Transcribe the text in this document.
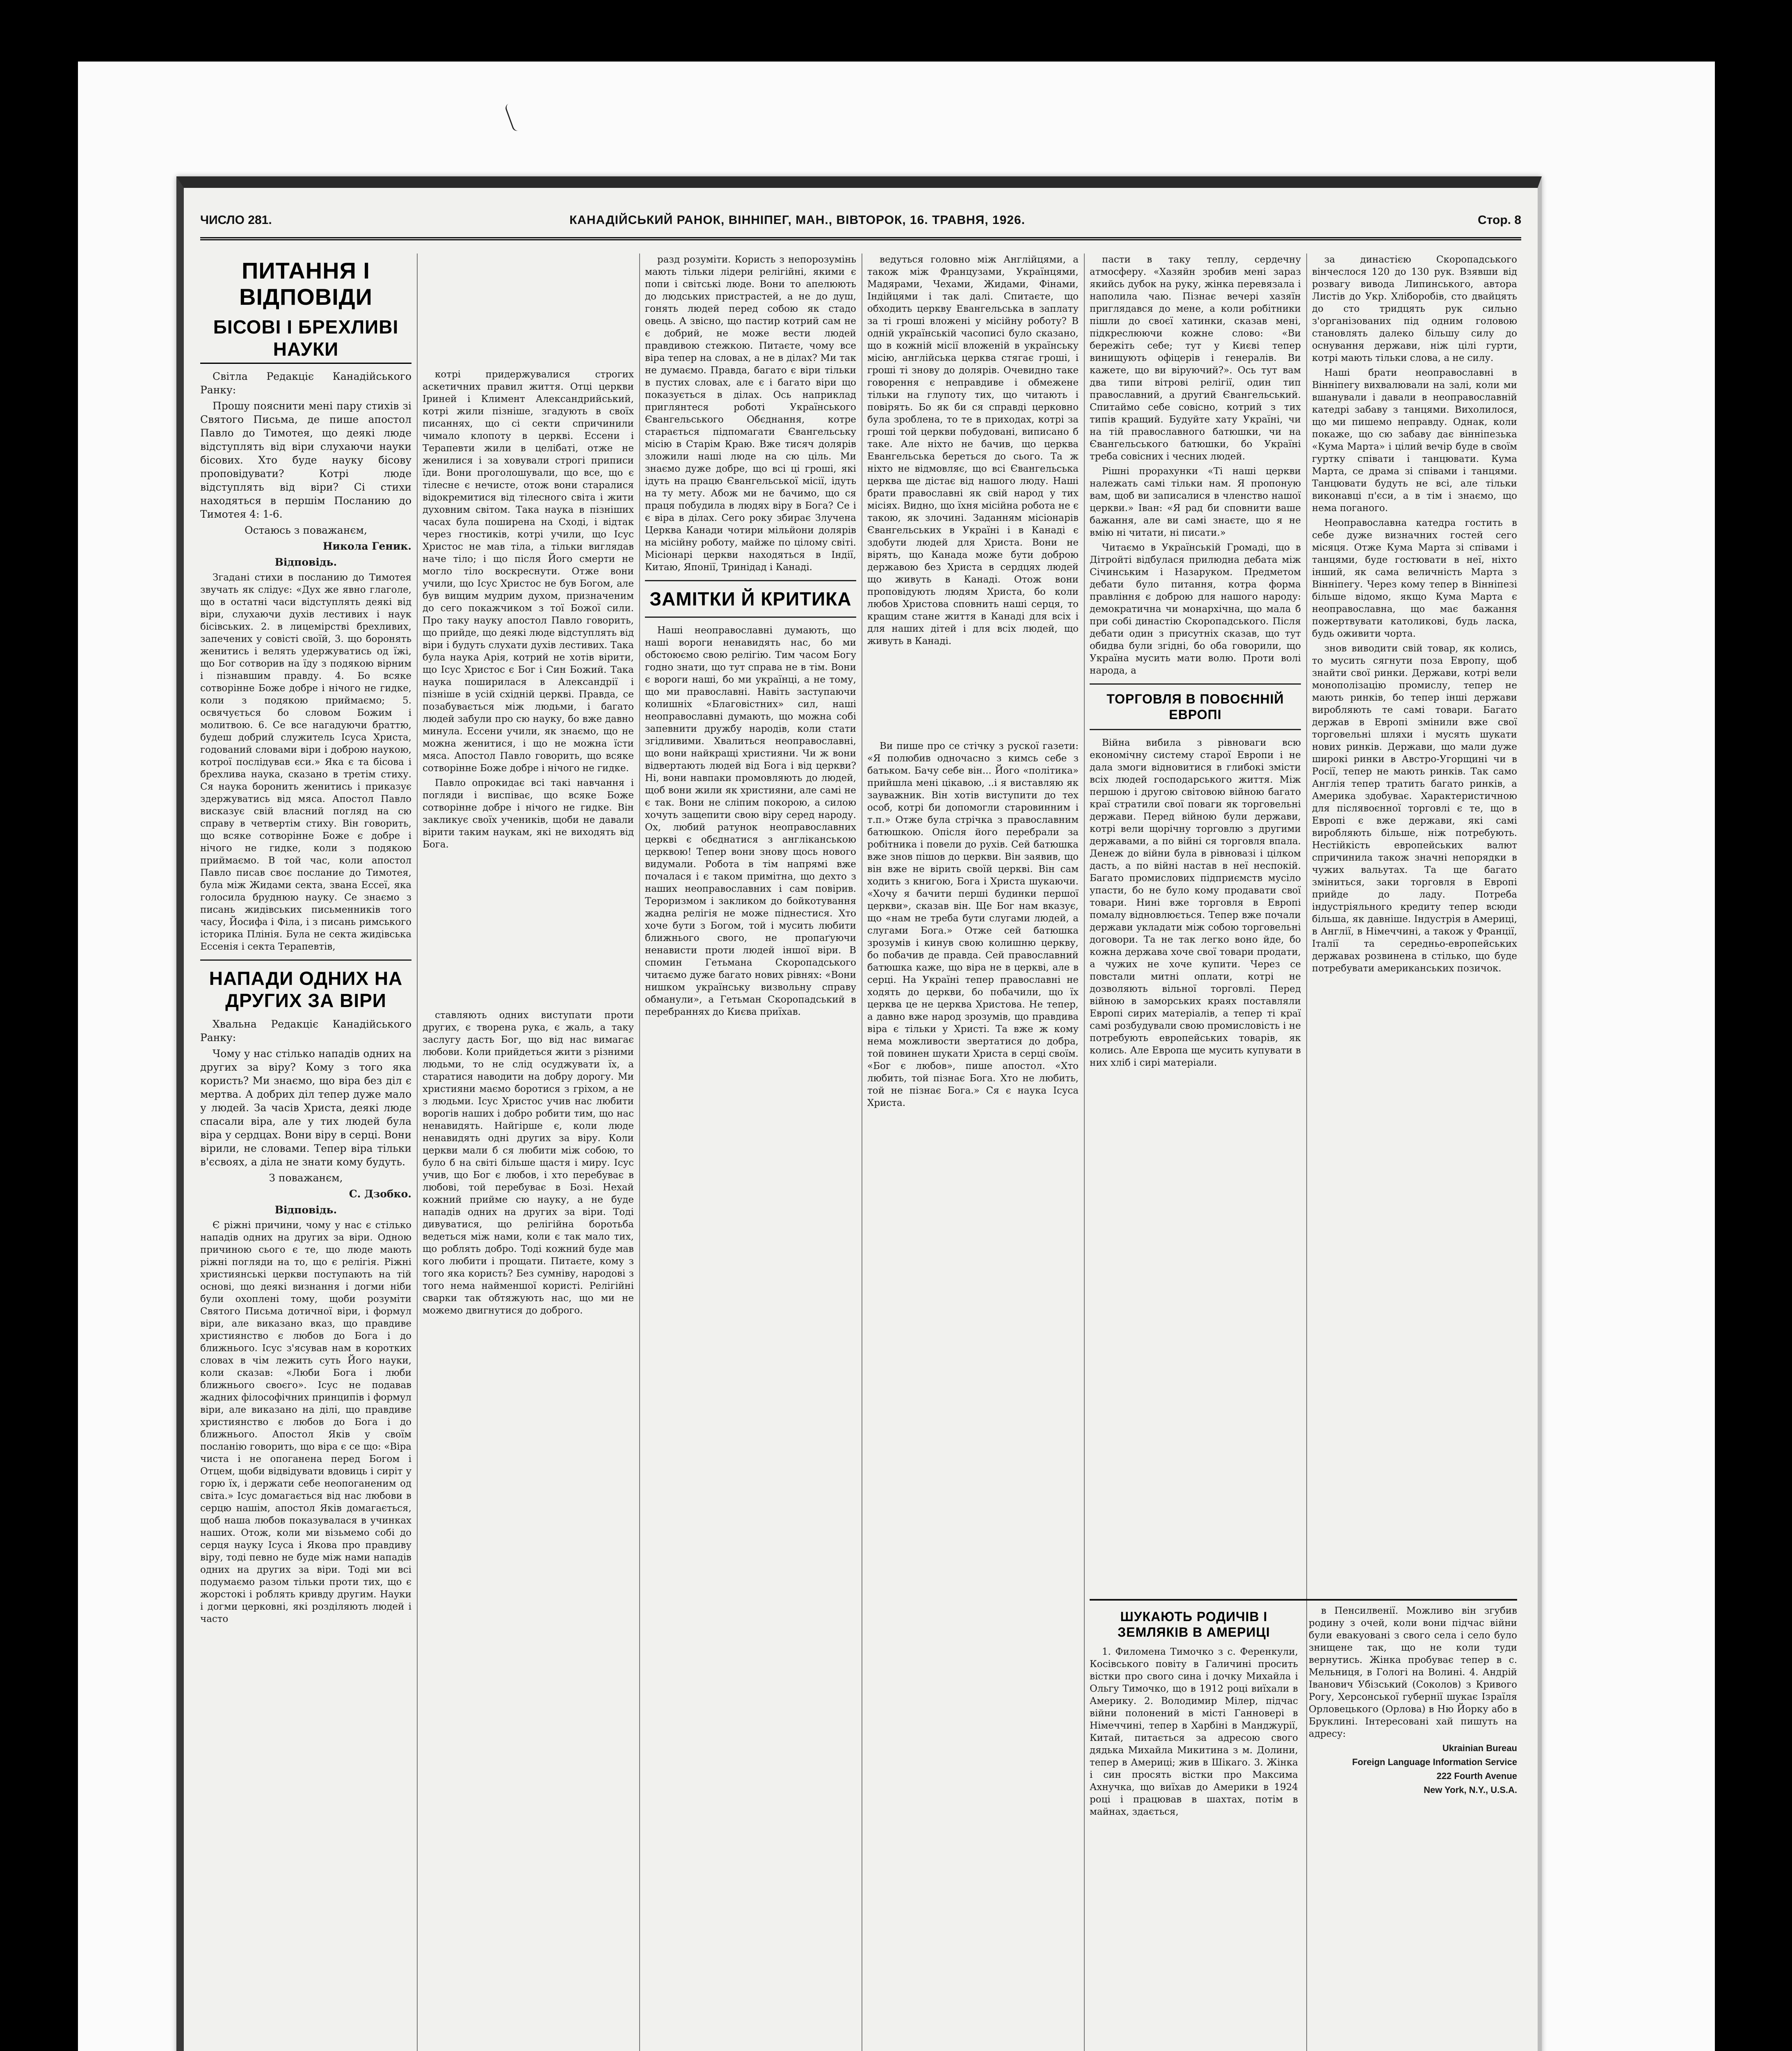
ЧИСЛО 281.	КАНАДІЙСЬКИЙ РАНОК, ВІННІПЕГ, МАН., ВІВТОРОК, 16. ТРАВНЯ, 1926.	Стор. 8
ПИТАННЯ І ВІДПОВІДИ
БІСОВІ І БРЕХЛИВІ НАУКИ

Світла Редакціє Канадійського Ранку:

Прошу пояснити мені пару стихів зі Святого Письма, де пише апостол Павло до Тимотея, що деякі люде відступлять від віри слухаючи науки бісових. Хто буде науку бісову проповідувати? Котрі люде відступлять від віри? Сі стихи находяться в першім Посланию до Тимотея 4: 1-6.

Остаюсь з поважанєм,

Никола Геник.

Відповідь.

Згадані стихи в посланию до Тимотея звучать як слідує: «Дух же явно глаголе, що в остатні часи відступлять деякі від віри, слухаючи духів лестивих і наук бісівських. 2. в лицемірстві брехливих, запечених у совісті своїй, 3. що боронять женитись і велять удержуватись од їжі, що Бог сотворив на їду з подякою вірним і пізнавшим правду. 4. Бо всяке сотворінне Боже добре і нічого не гидке, коли з подякою приймаємо; 5. освячується бо словом Божим і молитвою. 6. Се все нагадуючи браттю, будеш добрий служитель Ісуса Христа, годований словами віри і доброю наукою, котрої послідував єси.» Яка є та бісова і брехлива наука, сказано в третім стиху. Ся наука боронить женитись і приказує здержуватись від мяса. Апостол Павло висказує свій власний погляд на сю справу в четвертім стиху. Він говорить, що всяке сотворінне Боже є добре і нічого не гидке, коли з подякою приймаємо. В той час, коли апостол Павло писав своє послание до Тимотея, була між Жидами секта, звана Ессеї, яка голосила бруднюю науку. Се знаємо з писань жидівських письменників того часу, Йосифа і Філа, і з писань римського історика Плінія. Була не секта жидівська Ессенія і секта Терапевтів,

НАПАДИ ОДНИХ НА ДРУГИХ ЗА ВІРИ

Хвальна Редакціє Канадійського Ранку:

Чому у нас стілько нападів одних на других за віру? Кому з того яка користь? Ми знаємо, що віра без діл є мертва. А добрих діл тепер дуже мало у людей. За часів Христа, деякі люде спасали віра, але у тих людей була віра у сердцах. Вони віру в серці. Вони вірили, не словами. Тепер віра тільки в'єсвоях, а діла не знати кому будуть.

З поважанєм,

С. Дзобко.

Відповідь.

Є ріжні причини, чому у нас є стілько нападів одних на других за віри. Одною причиною сього є те, що люде мають ріжні погляди на то, що є релігія. Ріжні християнські церкви поступають на тій основі, що деякі визнання і догми ніби були охоплені тому, щоби розуміти Святого Письма дотичної віри, і формул віри, але виказано вказ, що правдиве християнство є любов до Бога і до ближнього. Ісус з'ясував нам в коротких словах в чім лежить суть Його науки, коли сказав: «Люби Бога і люби ближнього своєго». Ісус не подавав жадних філософічних принципів і формул віри, але виказано на ділі, що правдиве християнство є любов до Бога і до ближнього. Апостол Яків у своїм посланію говорить, що віра є се що: «Віра чиста і не опоганена перед Богом і Отцем, щоби відвідувати вдовиць і сиріт у горю їх, і держати себе неопоганеним од світа.» Ісус домагається від нас любови в серцю нашім, апостол Яків домагається, щоб наша любов показувалася в учинках наших. Отож, коли ми візьмемо собі до серця науку Ісуса і Якова про правдиву віру, тоді певно не буде між нами нападів одних на других за віри. Тоді ми всі подумаємо разом тільки проти тих, що є жорстокі і роблять кривду другим. Науки і догми церковні, які розділяють людей і часто

котрі придержувалися строгих аскетичних правил життя. Отці церкви Іриней і Климент Александрийський, котрі жили пізніше, згадують в своїх писаннях, що сі секти спричинили чимало клопоту в церкві. Ессени і Терапевти жили в целібаті, отже не женилися і за ховували строгі приписи їди. Вони проголошували, що все, що є тілесне є нечисте, отож вони старалися відокремитися від тілесного світа і жити духовним світом. Така наука в пізніших часах була поширена на Сході, і відтак через гностиків, котрі учили, що Ісус Христос не мав тіла, а тільки виглядав наче тіло; і що після Його смерти не могло тіло воскреснути. Отже вони учили, що Ісус Христос не був Богом, але був вищим мудрим духом, призначеним до сего покажчиком з тої Божої сили. Про таку науку апостол Павло говорить, що прийде, що деякі люде відступлять від віри і будуть слухати духів лестивих. Така була наука Арія, котрий не хотів вірити, що Ісус Христос є Бог і Син Божий. Така наука поширилася в Александрії і пізніше в усій східній церкві. Правда, се позабувається між людьми, і багато людей забули про сю науку, бо вже давно минула. Ессени учили, як знаємо, що не можна женитися, і що не можна їсти мяса. Апостол Павло говорить, що всяке сотворінне Боже добре і нічого не гидке.

Павло опрокидає всі такі навчання і погляди і виспіває, що всяке Боже сотворінне добре і нічого не гидке. Він закликує своїх учеників, щоби не давали вірити таким наукам, які не виходять від Бога.

ставляють одних виступати проти других, є творена рука, є жаль, а таку заслугу дасть Бог, що від нас вимагає любови. Коли прийдеться жити з різними людьми, то не слід осуджувати їх, а старатися наводити на добру дорогу. Ми християни маємо боротися з гріхом, а не з людьми. Ісус Христос учив нас любити ворогів наших і добро робити тим, що нас ненавидять. Найгірше є, коли люде ненавидять одні других за віру. Коли церкви мали б ся любити між собою, то було б на світі більше щастя і миру. Ісус учив, що Бог є любов, і хто перебуває в любові, той перебуває в Бозі. Нехай кожний прийме сю науку, а не буде нападів одних на других за віри. Тоді дивуватися, що релігійна боротьба ведеться між нами, коли є так мало тих, що роблять добро. Тоді кожний буде мав кого любити і прощати. Питаєте, кому з того яка користь? Без сумніву, народові з того нема найменшої користі. Релігійні сварки так обтяжують нас, що ми не можемо двигнутися до доброго.

разд розуміти. Користь з непорозумінь мають тільки лідери релігійні, якими є попи і світські люде. Вони то апелюють до людських пристрастей, а не до душ, гонять людей перед собою як стадо овець. А звісно, що пастир котрий сам не є добрий, не може вести людей правдивою стежкою. Питаєте, чому все віра тепер на словах, а не в ділах? Ми так не думаємо. Правда, багато є віри тільки в пустих словах, але є і багато віри що показується в ділах. Ось наприклад приглянтеся роботі Українського Євангельського Обєднання, котре старається підпомагати Євангельську місію в Старім Краю. Вже тисяч долярів зложили наші люде на сю ціль. Ми знаємо дуже добре, що всі ці гроші, які ідуть на працю Євангельської місії, ідуть на ту мету. Абож ми не бачимо, що ся праця побудила в людях віру в Бога? Се і є віра в ділах. Сего року збирає Злучена Церква Канади чотири мільйони долярів на місійну роботу, майже по цілому світі. Місіонарі церкви находяться в Індії, Китаю, Японії, Тринідад і Канаді.

ЗАМІТКИ Й КРИТИКА

Наші неоправославні думають, що наші вороги ненавидять нас, бо ми обстоюємо свою релігію. Тим часом Богу годно знати, що тут справа не в тім. Вони є вороги наші, бо ми українці, а не тому, що ми православні. Навіть заступаючи колишніх «Благовістних» сил, наші неоправославні думають, що можна собі запевнити дружбу народів, коли стати згідливими. Хвалиться неоправославні, що вони найкращі християни. Чи ж вони відвертають людей від Бога і від церкви? Ні, вони навпаки промовляють до людей, щоб вони жили як християни, але самі не є так. Вони не сліпим покорою, а силою хочуть защепити свою віру серед народу. Ох, любий ратунок неоправославних церкві є обєднатися з англіканською церквою! Тепер вони знову щось нового видумали. Робота в тім напрямі вже почалася і є таком примітна, що дехто з наших неоправославних і сам повірив. Тероризмом і закликом до бойкотування жадна релігія не може піднестися. Хто хоче бути з Богом, той і мусить любити ближнього свого, не пропаґуючи ненависти проти людей іншої віри. В спомин Гетьмана Скоропадського читаємо дуже багато нових рівнях: «Вони нишком українську визвольну справу обманули», а Гетьман Скоропадський в перебраннях до Києва приїхав.

ведуться головно між Англійцями, а також між Французами, Українцями, Мадярами, Чехами, Жидами, Фінами, Індійцями і так далі. Спитаєте, що обходить церкву Евангельська в заплату за ті гроші вложені у місійну роботу? В одній українській часописі було сказано, що в кожній місії вложеній в українську місію, англійська церква стягає гроші, і гроші ті знову до долярів. Очевидно таке говорення є неправдиве і обмежене тільки на глупоту тих, що читають і повірять. Бо як би ся справді церковно була зроблена, то те в приходах, котрі за гроші той церкви побудовані, виписано б таке. Але ніхто не бачив, що церква Евангельська береться до сього. Та ж ніхто не відмовляє, що всі Євангельська церква ще дістає від нашого люду. Наші брати православні як свій народ у тих місіях. Видно, що їхня місійна робота не є такою, як злочині. Заданням місіонарів Євангельських в Україні і в Канаді є здобути людей для Христа. Вони не вірять, що Канада може бути доброю державою без Христа в сердцях людей що живуть в Канаді. Отож вони проповідують людям Христа, бо коли любов Христова сповнить наші серця, то кращим стане життя в Канаді для всіх і для наших дітей і для всіх людей, що живуть в Канаді.

Ви пише про се стічку з рускої газети: «Я полюбив одночасно з кимсь себе з батьком. Бачу себе він... Його «політика» прийшла мені цікавою, ..і я виставляю як зауважник. Він хотів виступити до тех особ, котрі би допомогли старовинним і т.п.» Отже була стрічка з православним батюшкою. Опісля його перебрали за робітника і повели до рухів. Сей батюшка вже знов пішов до церкви. Він заявив, що він вже не вірить своїй церкві. Він сам ходить з книгою, Бога і Христа шукаючи. «Хочу я бачити перші будинки першої церкви», сказав він. Ще Бог нам вказує, що «нам не треба бути слугами людей, а слугами Бога.» Отже сей батюшка зрозумів і кинув свою колишню церкву, бо побачив де правда. Сей православний батюшка каже, що віра не в церкві, але в серці. На Україні тепер православні не ходять до церкви, бо побачили, що їх церква це не церква Христова. Не тепер, а давно вже народ зрозумів, що правдива віра є тільки у Христі. Та вже ж кому нема можливости звертатися до добра, той повинен шукати Христа в серці своїм. «Бог є любов», пише апостол. «Хто любить, той пізнає Бога. Хто не любить, той не пізнає Бога.» Ся є наука Ісуса Христа.

пасти в таку теплу, сердечну атмосферу. «Хазяйн зробив мені зараз якийсь дубок на руку, жінка перевязала і наполила чаю. Пізнає вечері хазяїн приглядався до мене, а коли робітники пішли до своєї хатинки, сказав мені, підкреслюючи кожне слово: «Ви бережіть себе; тут у Києві тепер винищують офіцерів і генералів. Ви кажете, що ви віруючий?». Ось тут вам два типи вітрові релігії, один тип православний, а другий Євангельський. Спитаймо себе совісно, котрий з тих типів кращий. Будуйте хату Україні, чи на тій православного батюшки, чи на Євангельського батюшки, бо Україні треба совісних і чесних людей.

Рішні прорахунки «Ті наші церкви належать самі тільки нам. Я пропоную вам, щоб ви записалися в членство нашої церкви.» Іван: «Я рад би сповнити ваше бажання, але ви самі знаєте, що я не вмію ні читати, ні писати.»

Читаємо в Українській Громаді, що в Дітройті відбулася прилюдна дебата між Січинським і Назаруком. Предметом дебати було питання, котра форма правління є доброю для нашого народу: демократична чи монархічна, що мала б при собі династію Скоропадського. Після дебати один з присутніх сказав, що тут обидва були згідні, бо оба говорили, що Україна мусить мати волю. Проти волі народа, а

ТОРГОВЛЯ В ПОВОЄННІЙ ЕВРОПІ

Війна вибила з рівноваги всю економічну систему старої Европи і не дала змоги відновитися в глибокі змісти всіх людей господарського життя. Між першою і другою світовою війною багато краї стратили свої поваги як торговельні держави. Перед війною були держави, котрі вели щорічну торговлю з другими державами, а по війні ся торговля впала. Денеж до війни була в рівновазі і цілком дасть, а по війні настав в неї неспокій. Багато промислових підприємств мусіло упасти, бо не було кому продавати свої товари. Нині вже торговля в Европі помалу відновлюється. Тепер вже почали держави укладати між собою торговельні договори. Та не так легко воно йде, бо кожна держава хоче свої товари продати, а чужих не хоче купити. Через се повстали митні оплати, котрі не дозволяють вільної торговлі. Перед війною в заморських краях поставляли Европі сирих матеріалів, а тепер ті краї самі розбудували свою промисловість і не потребують европейських товарів, як колись. Але Европа ще мусить купувати в них хліб і сирі матеріали.

за династією Скоропадського вінчеслося 120 до 130 рук. Взявши від розвагу вивода Липинського, автора Листів до Укр. Хліборобів, сто двайцять до сто тридцять рук сильно з'організованих під одним головою становлять далеко більшу силу до оснування держави, ніж цілі гурти, котрі мають тільки слова, а не силу.

Наші брати неоправославні в Вінніпегу вихвалювали на залі, коли ми вшанували і давали в неоправославній катедрі забаву з танцями. Вихолилося, що ми пишемо неправду. Однак, коли покаже, що сю забаву дає вінніпезька «Кума Марта» і цілий вечір буде в своїм гуртку співати і танцювати. Кума Марта, се драма зі співами і танцями. Танцювати будуть не всі, але тільки виконавці п'єси, а в тім і знаємо, що нема поганого.

Неоправославна катедра гостить в себе дуже визначних гостей сего місяця. Отже Кума Марта зі співами і танцями, буде гостювати в неї, ніхто інший, як сама величність Марта з Вінніпегу. Через кому тепер в Вінніпезі більше відомо, якщо Кума Марта є неоправославна, що має бажання пожертвувати католикові, будь ласка, будь оживити чорта.

знов виводити свій товар, як колись, то мусить сягнути поза Европу, щоб знайти свої ринки. Держави, котрі вели монополізацію промислу, тепер не мають ринків, бо тепер інші держави виробляють те самі товари. Багато держав в Европі змінили вже свої торговельні шляхи і мусять шукати нових ринків. Держави, що мали дуже широкі ринки в Австро-Угорщині чи в Росії, тепер не мають ринків. Так само Англія тепер тратить багато ринків, а Америка здобуває. Характеристичною для післявоєнної торговлі є те, що в Европі є вже держави, які самі виробляють більше, ніж потребують. Нестійкість европейських валют спричинила також значні непорядки в чужих вальутах. Та ще багато зміниться, заки торговля в Европі прийде до ладу. Потреба індустріяльного кредиту тепер всюди більша, як давніше. Індустрія в Америці, в Англії, в Німеччині, а також у Франції, Італії та середньо-европейських державах розвинена в стілько, що буде потребувати американських позичок.

ШУКАЮТЬ РОДИЧІВ І ЗЕМЛЯКІВ В АМЕРИЦІ

1. Филомена Тимочко з с. Ференкули, Косівського повіту в Галичині просить вістки про свого сина і дочку Михайла і Ольгу Тимочко, що в 1912 році виїхали в Америку. 2. Володимир Мілер, підчас війни полонений в місті Ганновері в Німеччині, тепер в Харбіні в Манджурії, Китай, питається за адресою свого дядька Михайла Микитина з м. Долини, тепер в Америці; жив в Шікаго. 3. Жінка і син просять вістки про Максима Ахнучка, що виїхав до Америки в 1924 році і працював в шахтах, потім в майнах, здається,

в Пенсилвенії. Можливо він згубив родину з очей, коли вони підчас війни були евакуовані з свого села і село було знищене так, що не коли туди вернутись. Жінка пробуває тепер в с. Мельниця, в Гологі на Волині. 4. Андрій Іванович Убізський (Соколов) з Кривого Рогу, Херсонської губернії шукає Ізраїля Орловецького (Орлова) в Ню Йорку або в Бруклині. Інтересовані хай пишуть на адресу:

Ukrainian Bureau

Foreign Language Information Service

222 Fourth Avenue

New York, N.Y., U.S.A.
